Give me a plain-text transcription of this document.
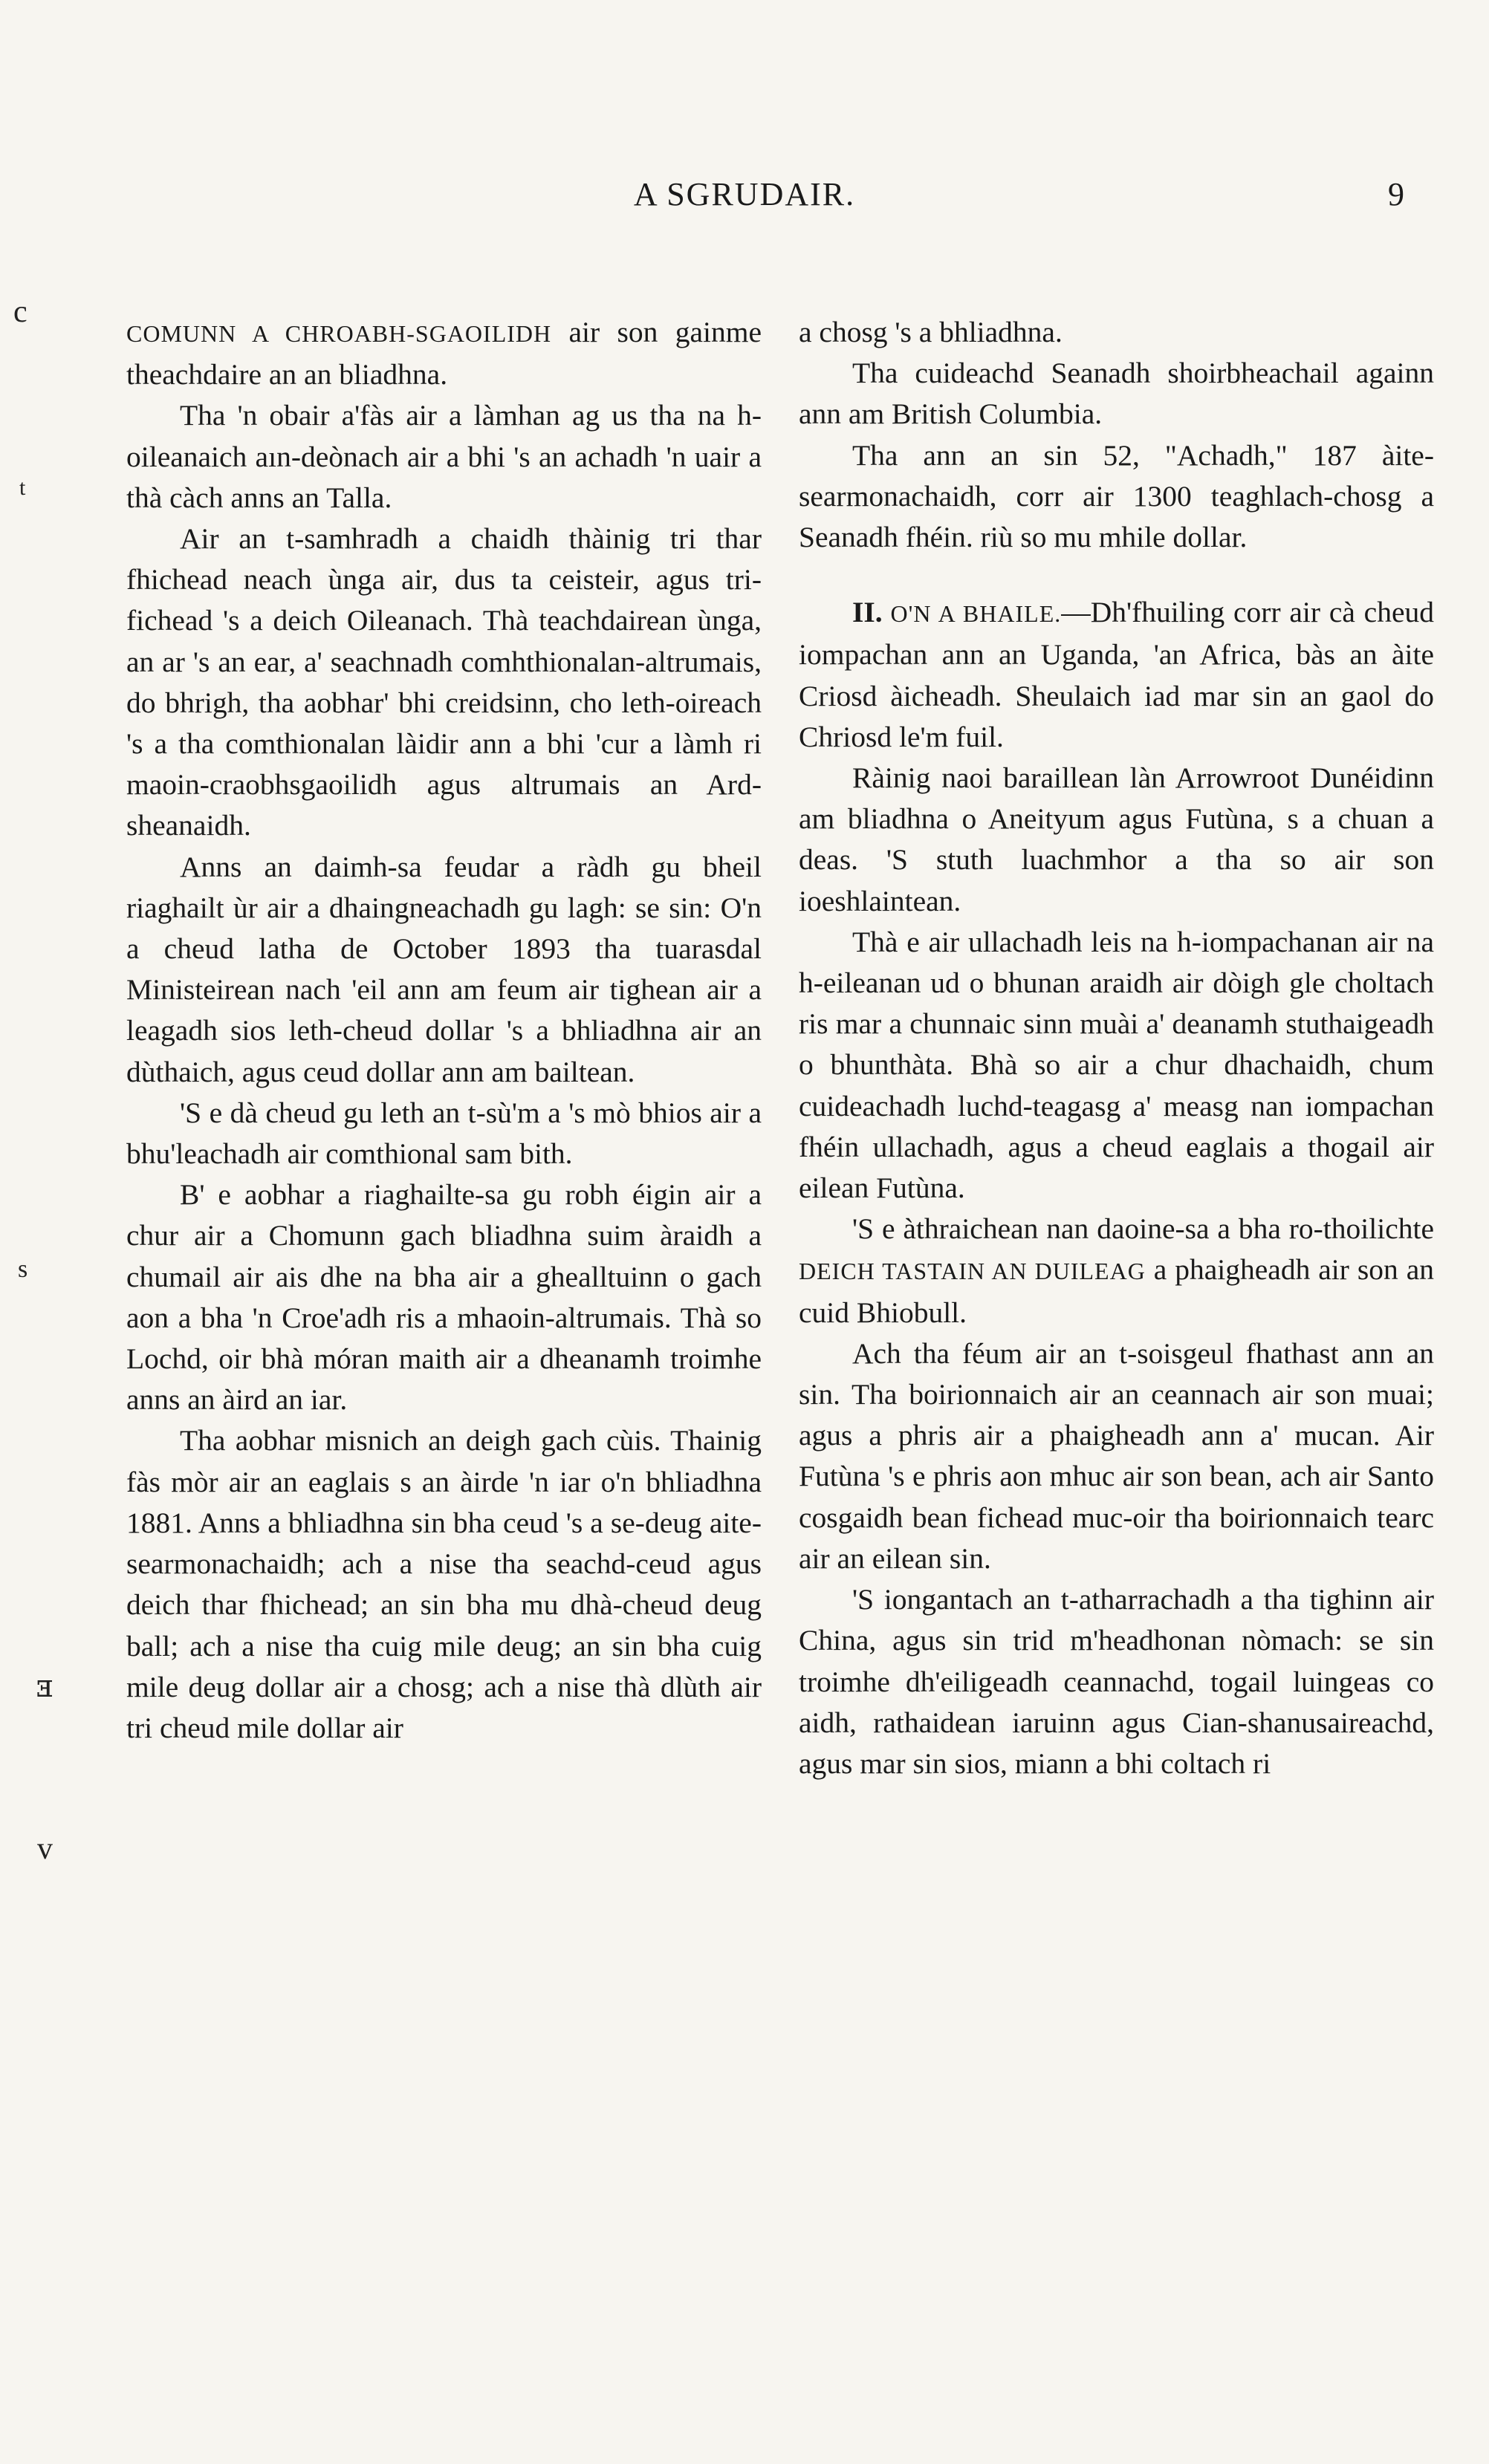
A SGRUDAIR.	9
c
t
s
ⱻ
v

COMUNN A CHROABH-SGAOILIDH air son gainme theachdaire an an bliadhna.

Tha 'n obair a'fàs air a làmhan ag us tha na h-oileanaich aın-deònach air a bhi 's an achadh 'n uair a thà càch anns an Talla.

Air an t-samhradh a chaidh thàinig tri thar fhichead neach ùnga air, dus ta ceisteir, agus tri-fichead 's a deich Oileanach. Thà teachdairean ùnga, an ar 's an ear, a' seachnadh comhthionalan-altrumais, do bhrigh, tha aobhar' bhi creidsinn, cho leth-oireach 's a tha comthionalan làidir ann a bhi 'cur a làmh ri maoin-craobhsgaoilidh agus altrumais an Ard-sheanaidh.

Anns an daimh-sa feudar a ràdh gu bheil riaghailt ùr air a dhaingneachadh gu lagh: se sin: O'n a cheud latha de October 1893 tha tuarasdal Ministeirean nach 'eil ann am feum air tighean air a leagadh sios leth-cheud dollar 's a bhliadhna air an dùthaich, agus ceud dollar ann am bailtean.

'S e dà cheud gu leth an t-sù'm a 's mò bhios air a bhu'leachadh air comthional sam bith.

B' e aobhar a riaghailte-sa gu robh éigin air a chur air a Chomunn gach bliadhna suim àraidh a chumail air ais dhe na bha air a ghealltuinn o gach aon a bha 'n Croe'adh ris a mhaoin-altrumais. Thà so Lochd, oir bhà móran maith air a dheanamh troimhe anns an àird an iar.

Tha aobhar misnich an deigh gach cùis. Thainig fàs mòr air an eaglais s an àirde 'n iar o'n bhliadhna 1881. Anns a bhliadhna sin bha ceud 's a se-deug aite-searmonachaidh; ach a nise tha seachd-ceud agus deich thar fhichead; an sin bha mu dhà-cheud deug ball; ach a nise tha cuig mile deug; an sin bha cuig mile deug dollar air a chosg; ach a nise thà dlùth air tri cheud mile dollar air

a chosg 's a bhliadhna.

Tha cuideachd Seanadh shoirbheachail againn ann am British Columbia.

Tha ann an sin 52, "Achadh," 187 àite-searmonachaidh, corr air 1300 teaghlach-chosg a Seanadh fhéin. riù so mu mhile dollar.

II. O'N A BHAILE.—Dh'fhuiling corr air cà cheud iompachan ann an Uganda, 'an Africa, bàs an àite Criosd àicheadh. Sheulaich iad mar sin an gaol do Chriosd le'm fuil.

Ràinig naoi baraillean làn Arrowroot Dunéidinn am bliadhna o Aneityum agus Futùna, s a chuan a deas. 'S stuth luachmhor a tha so air son ioeshlaintean.

Thà e air ullachadh leis na h-iompachanan air na h-eileanan ud o bhunan araidh air dòigh gle choltach ris mar a chunnaic sinn muài a' deanamh stuthaigeadh o bhunthàta. Bhà so air a chur dhachaidh, chum cuideachadh luchd-teagasg a' measg nan iompachan fhéin ullachadh, agus a cheud eaglais a thogail air eilean Futùna.

'S e àthraichean nan daoine-sa a bha ro-thoilichte DEICH TASTAIN AN DUILEAG a phaigheadh air son an cuid Bhiobull.

Ach tha féum air an t-soisgeul fhathast ann an sin. Tha boirionnaich air an ceannach air son muai; agus a phris air a phaigheadh ann a' mucan. Air Futùna 's e phris aon mhuc air son bean, ach air Santo cosgaidh bean fichead muc-oir tha boirionnaich tearc air an eilean sin.

'S iongantach an t-atharrachadh a tha tighinn air China, agus sin trid m'headhonan nòmach: se sin troimhe dh'eiligeadh ceannachd, togail luingeas co aidh, rathaidean iaruinn agus Cian-shanusaireachd, agus mar sin sios, miann a bhi coltach ri
